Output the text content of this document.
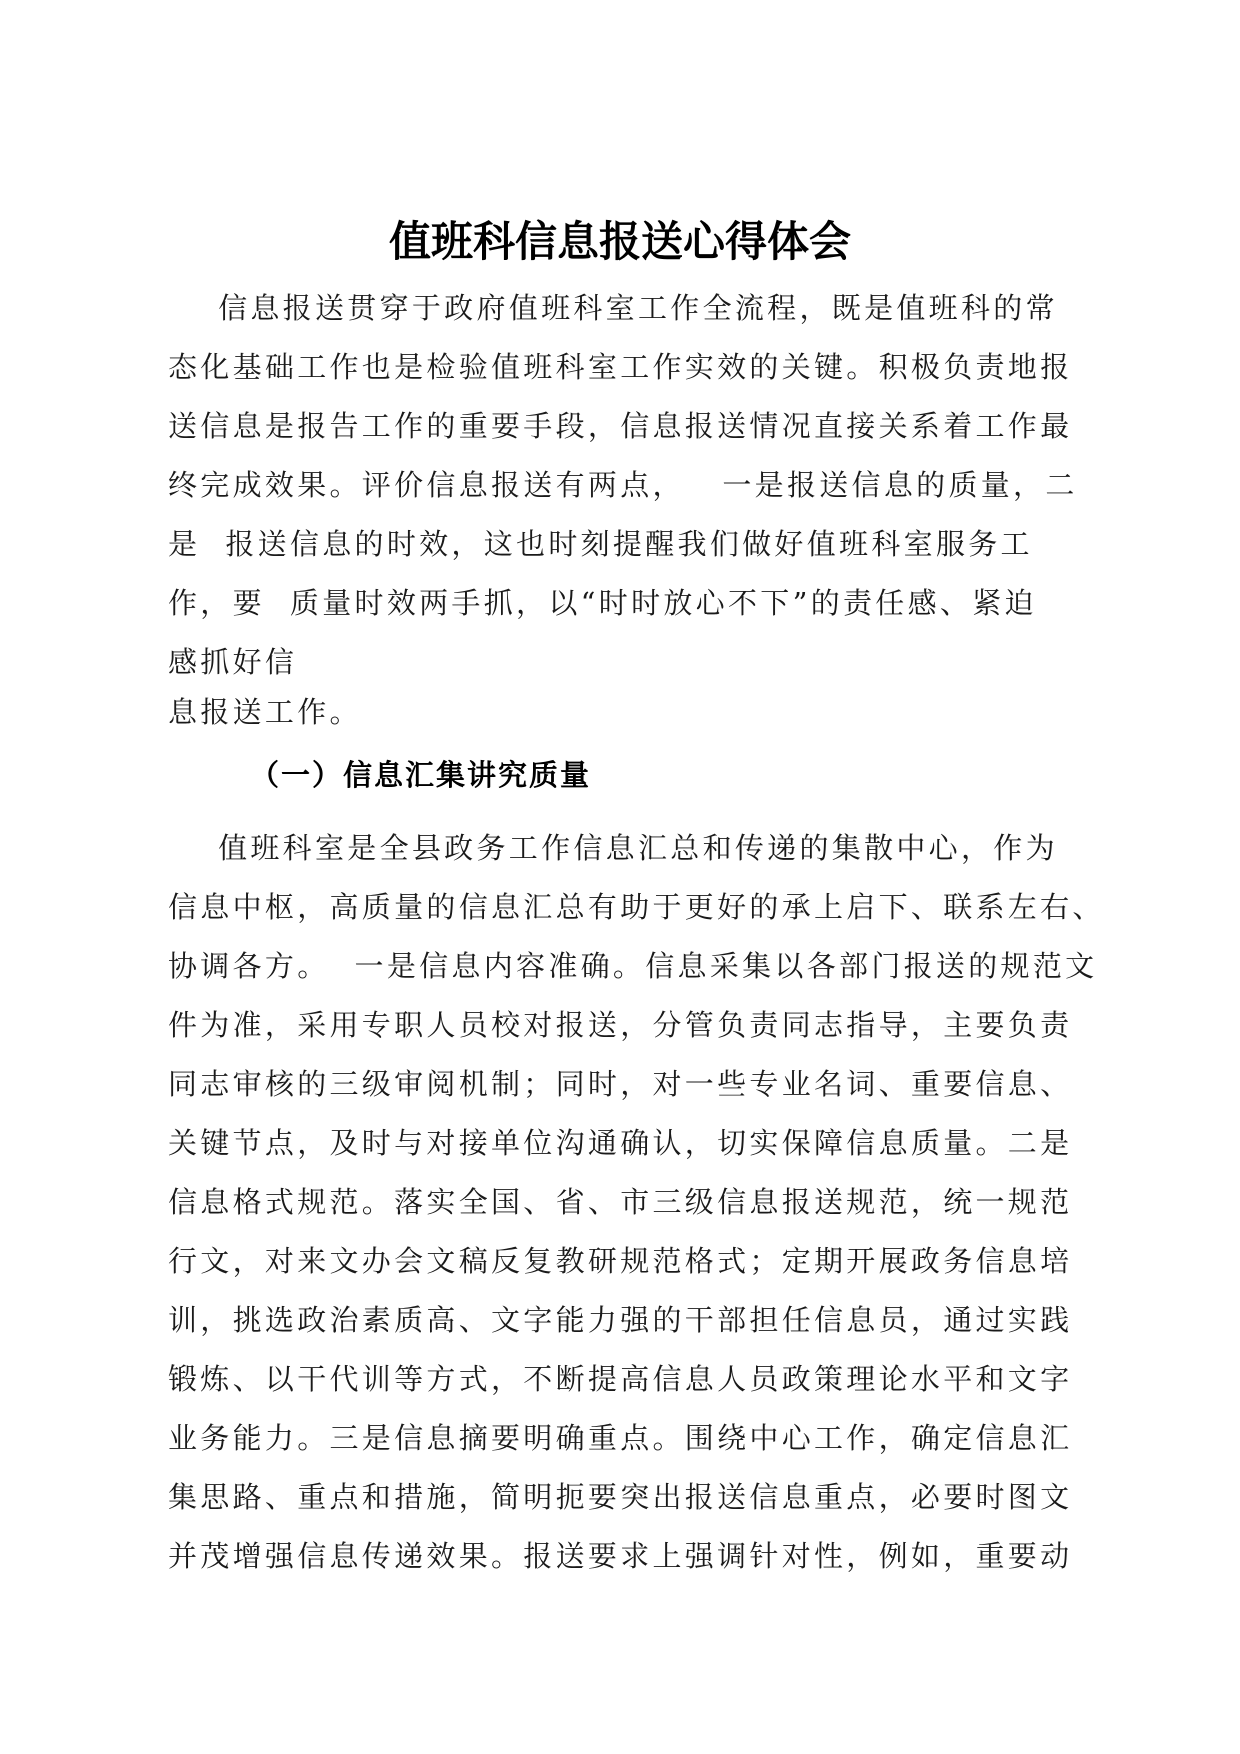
值班科信息报送心得体会

信息报送贯穿于政府值班科室工作全流程，既是值班科的常

态化基础工作也是检验值班科室工作实效的关键。积极负责地报

送信息是报告工作的重要手段，信息报送情况直接关系着工作最

终完成效果。评价信息报送有两点，   一是报送信息的质量，二

是  报送信息的时效，这也时刻提醒我们做好值班科室服务工

作，要  质量时效两手抓，以“时时放心不下”的责任感、紧迫

感抓好信

息报送工作。

（一）信息汇集讲究质量

值班科室是全县政务工作信息汇总和传递的集散中心，作为

信息中枢，高质量的信息汇总有助于更好的承上启下、联系左右、

协调各方。  一是信息内容准确。信息采集以各部门报送的规范文

件为准，采用专职人员校对报送，分管负责同志指导，主要负责

同志审核的三级审阅机制；同时，对一些专业名词、重要信息、

关键节点，及时与对接单位沟通确认，切实保障信息质量。二是

信息格式规范。落实全国、省、市三级信息报送规范，统一规范

行文，对来文办会文稿反复教研规范格式；定期开展政务信息培

训，挑选政治素质高、文字能力强的干部担任信息员，通过实践

锻炼、以干代训等方式，不断提高信息人员政策理论水平和文字

业务能力。三是信息摘要明确重点。围绕中心工作，确定信息汇

集思路、重点和措施，简明扼要突出报送信息重点，必要时图文

并茂增强信息传递效果。报送要求上强调针对性，例如，重要动
